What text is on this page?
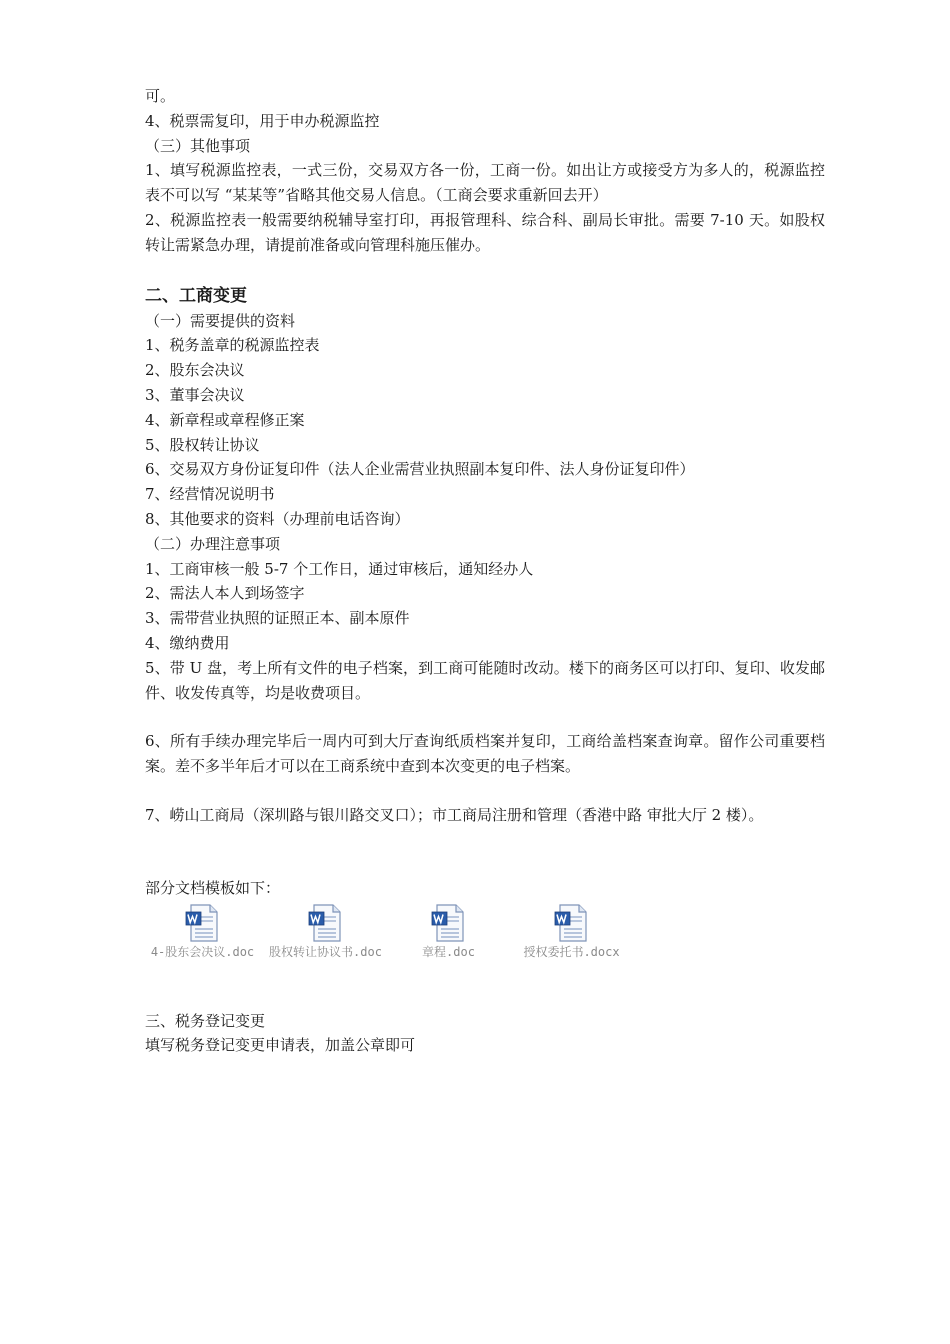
可。
4、税票需复印，用于申办税源监控
（三）其他事项
1、填写税源监控表，一式三份，交易双方各一份，工商一份。如出让方或接受方为多人的，税源监控表不可以写 “某某等”省略其他交易人信息。（工商会要求重新回去开）
2、税源监控表一般需要纳税辅导室打印，再报管理科、综合科、副局长审批。需要 7-10 天。如股权转让需紧急办理，请提前准备或向管理科施压催办。
二、工商变更
（一）需要提供的资料
1、税务盖章的税源监控表
2、股东会决议
3、董事会决议
4、新章程或章程修正案
5、股权转让协议
6、交易双方身份证复印件（法人企业需营业执照副本复印件、法人身份证复印件）
7、经营情况说明书
8、其他要求的资料（办理前电话咨询）
（二）办理注意事项
1、工商审核一般 5-7 个工作日，通过审核后，通知经办人
2、需法人本人到场签字
3、需带营业执照的证照正本、副本原件
4、缴纳费用
5、带 U 盘，考上所有文件的电子档案，到工商可能随时改动。楼下的商务区可以打印、复印、收发邮件、收发传真等，均是收费项目。
6、所有手续办理完毕后一周内可到大厅查询纸质档案并复印，工商给盖档案查询章。留作公司重要档案。差不多半年后才可以在工商系统中查到本次变更的电子档案。
7、崂山工商局（深圳路与银川路交叉口）；市工商局注册和管理（香港中路 审批大厅 2 楼）。
部分文档模板如下：
4-股东会决议.doc	股权转让协议书.doc	章程.doc	授权委托书.docx
三、税务登记变更
填写税务登记变更申请表，加盖公章即可
